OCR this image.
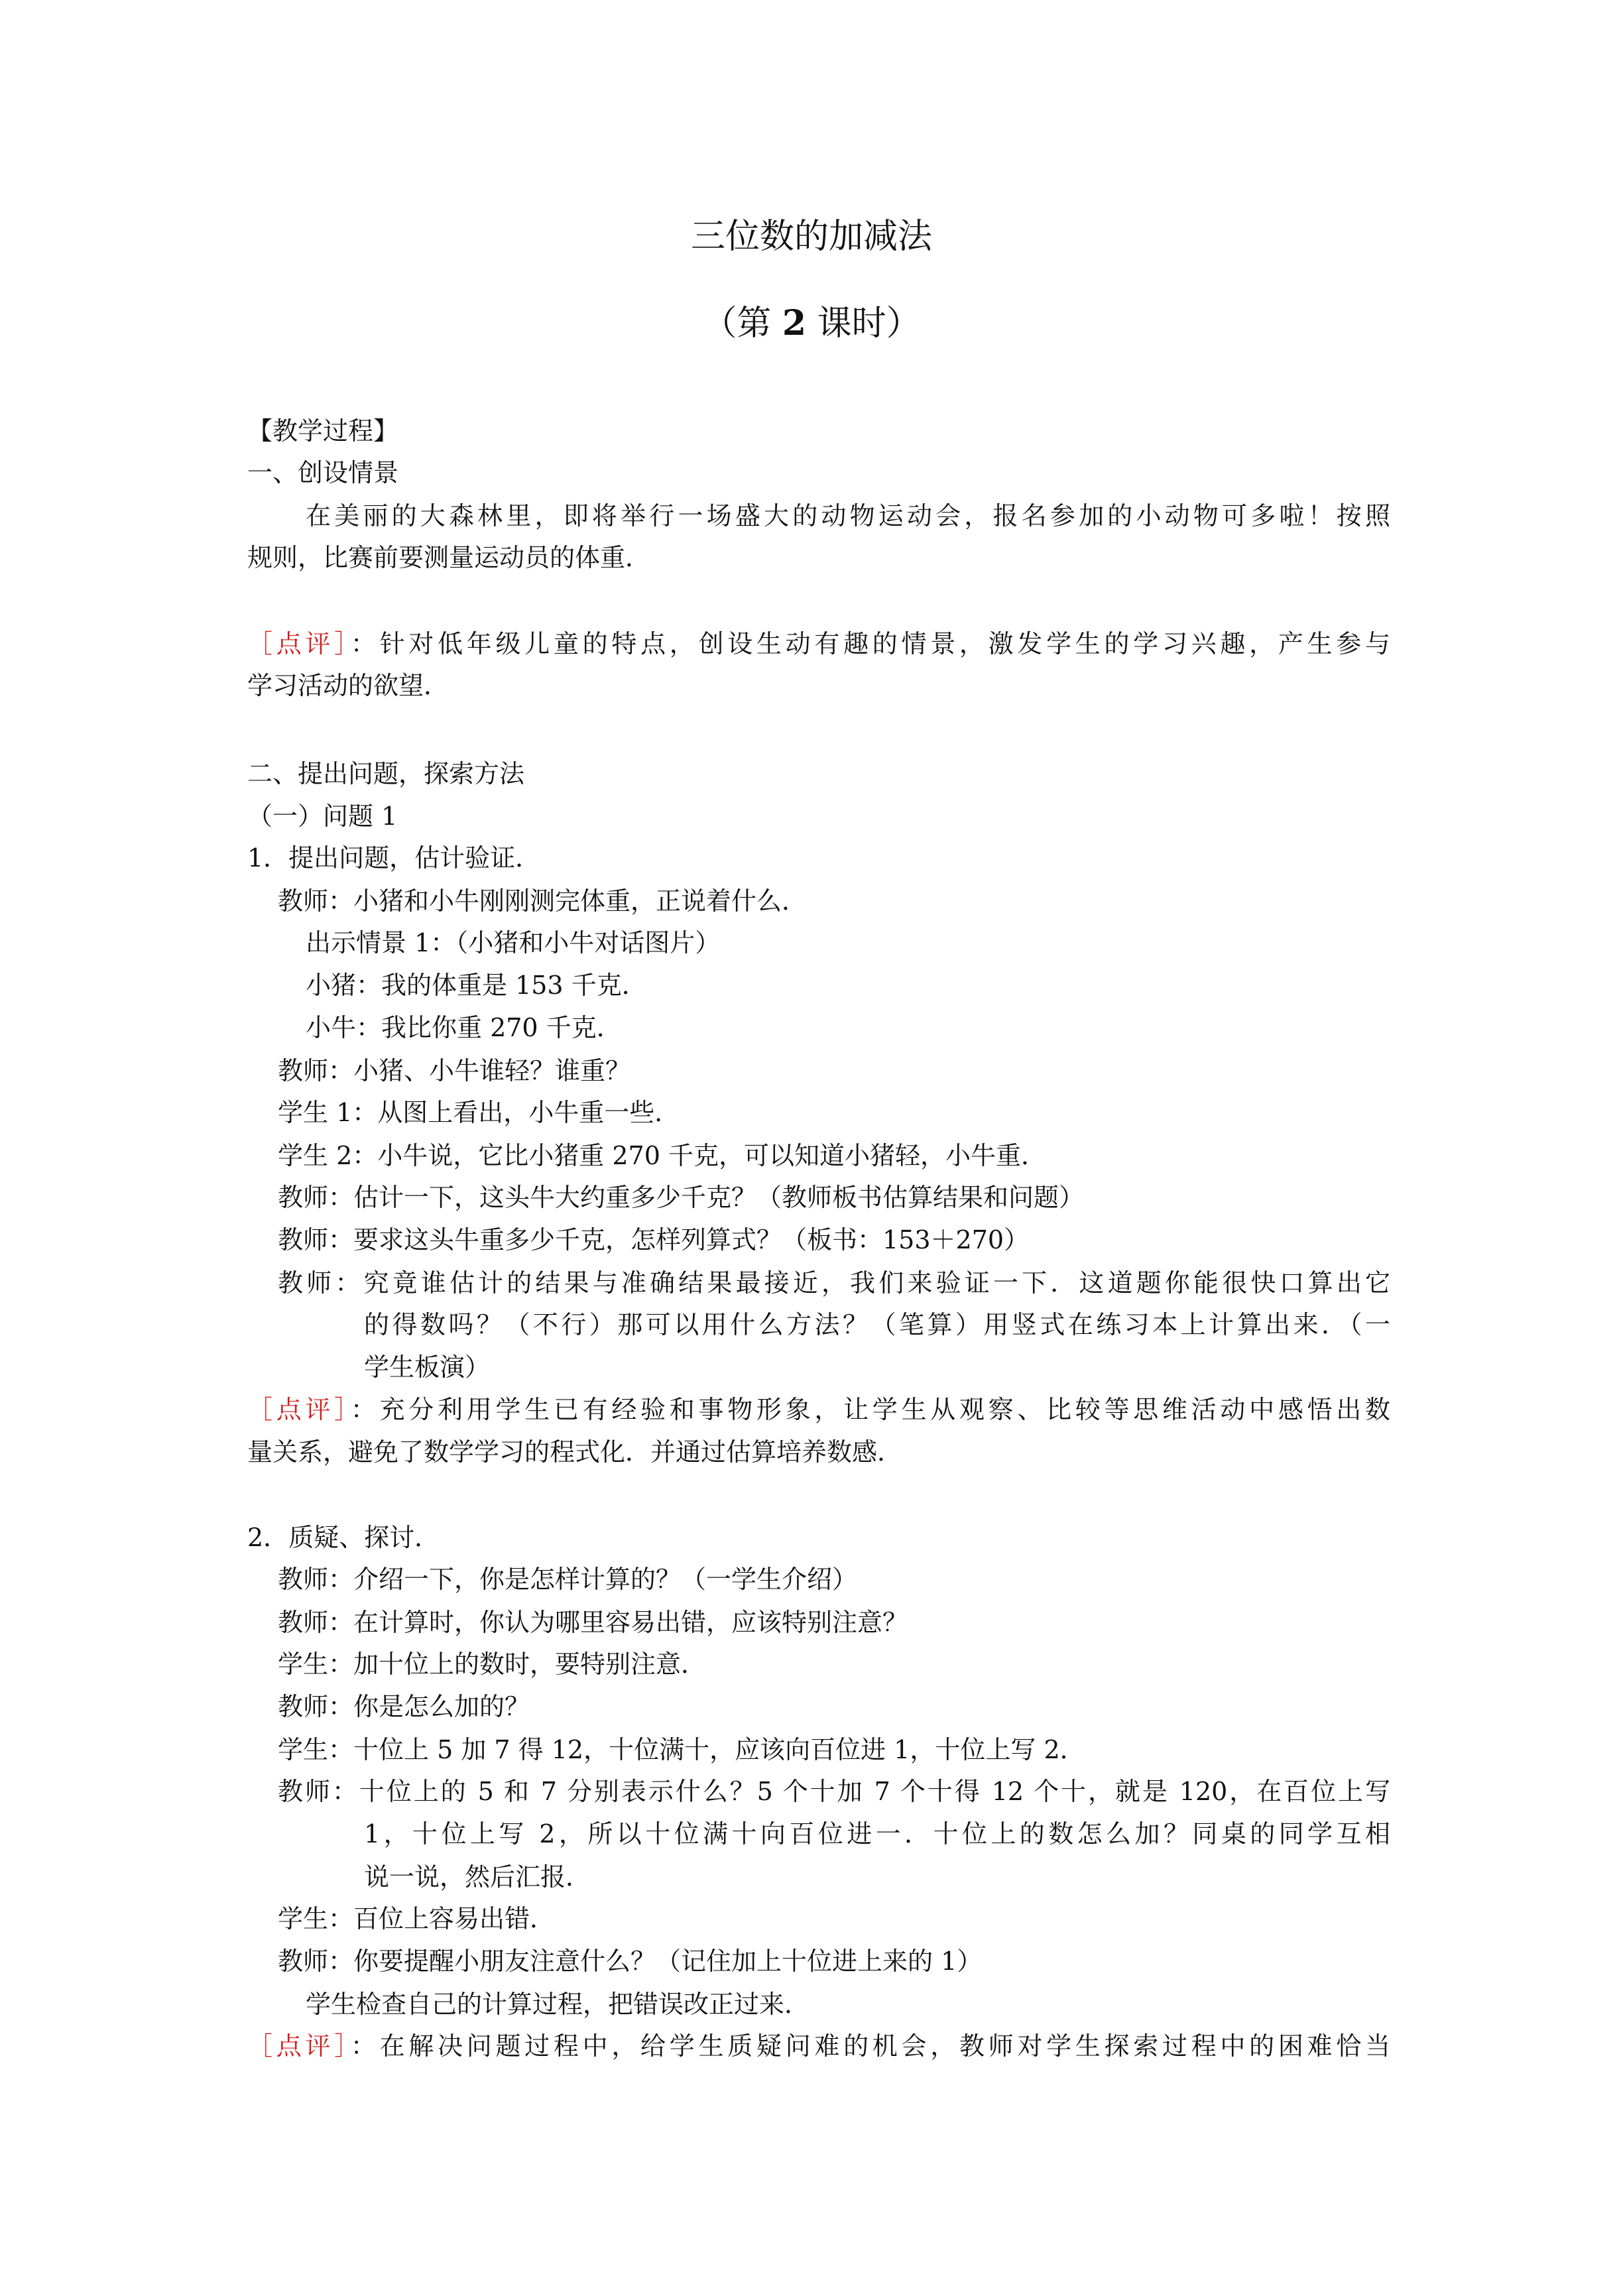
三位数的加减法
（第 2 课时）
【教学过程】
一、创设情景
在美丽的大森林里，即将举行一场盛大的动物运动会，报名参加的小动物可多啦！按照
规则，比赛前要测量运动员的体重．
［点评］：针对低年级儿童的特点，创设生动有趣的情景，激发学生的学习兴趣，产生参与
学习活动的欲望．
二、提出问题，探索方法
（一）问题 1
1．提出问题，估计验证．
教师：小猪和小牛刚刚测完体重，正说着什么．
出示情景 1：（小猪和小牛对话图片）
小猪：我的体重是 153 千克．
小牛：我比你重 270 千克．
教师：小猪、小牛谁轻？谁重？
学生 1：从图上看出，小牛重一些．
学生 2：小牛说，它比小猪重 270 千克，可以知道小猪轻，小牛重．
教师：估计一下，这头牛大约重多少千克？（教师板书估算结果和问题）
教师：要求这头牛重多少千克，怎样列算式？（板书：153＋270）
教师：究竟谁估计的结果与准确结果最接近，我们来验证一下．这道题你能很快口算出它
的得数吗？（不行）那可以用什么方法？（笔算）用竖式在练习本上计算出来．（一
学生板演）
［点评］：充分利用学生已有经验和事物形象，让学生从观察、比较等思维活动中感悟出数
量关系，避免了数学学习的程式化．并通过估算培养数感．
2．质疑、探讨．
教师：介绍一下，你是怎样计算的？（一学生介绍）
教师：在计算时，你认为哪里容易出错，应该特别注意？
学生：加十位上的数时，要特别注意．
教师：你是怎么加的？
学生：十位上 5 加 7 得 12，十位满十，应该向百位进 1，十位上写 2．
教师：十位上的 5 和 7 分别表示什么？5 个十加 7 个十得 12 个十，就是 120，在百位上写
1，十位上写 2，所以十位满十向百位进一．十位上的数怎么加？同桌的同学互相
说一说，然后汇报．
学生：百位上容易出错．
教师：你要提醒小朋友注意什么？（记住加上十位进上来的 1）
学生检查自己的计算过程，把错误改正过来．
［点评］：在解决问题过程中，给学生质疑问难的机会，教师对学生探索过程中的困难恰当
